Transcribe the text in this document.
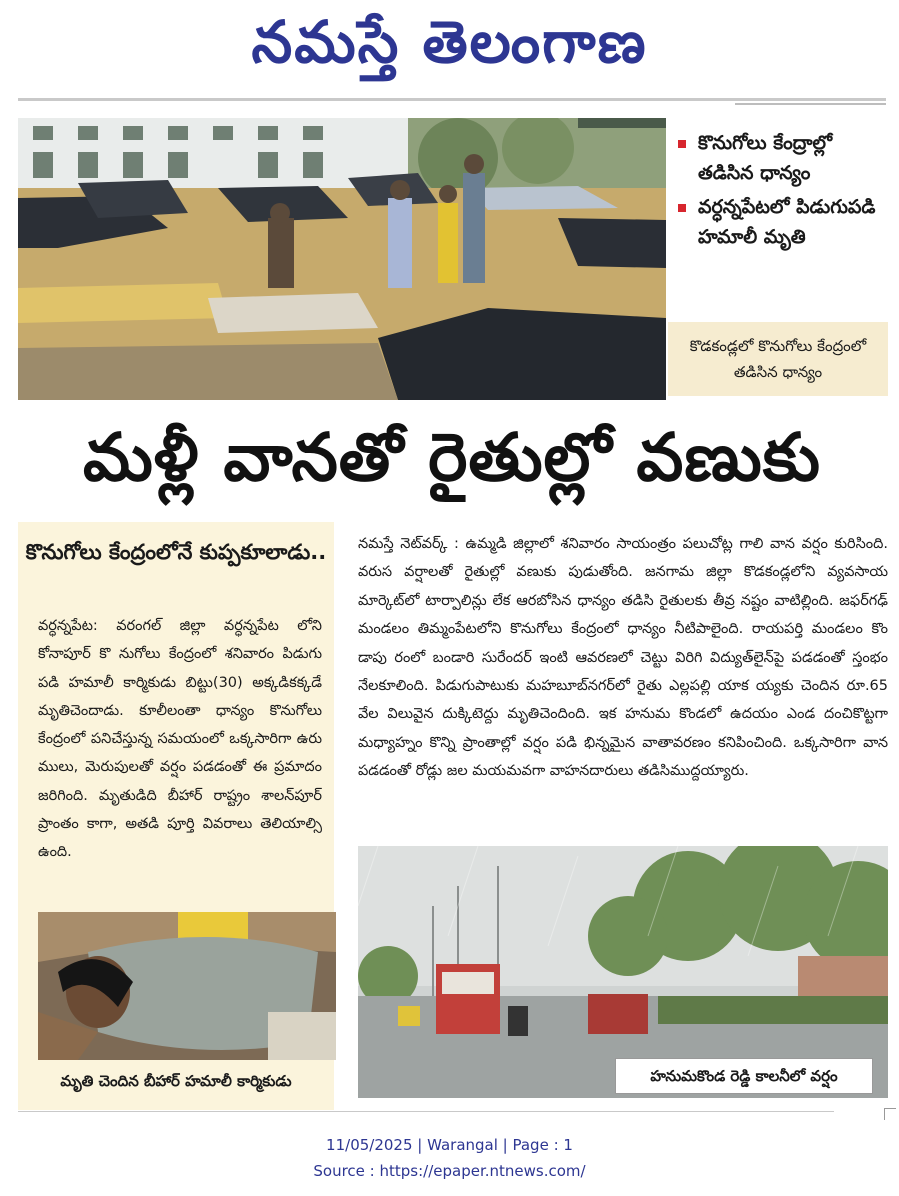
నమస్తే తెలంగాణ
కొనుగోలు కేంద్రాల్లో తడిసిన ధాన్యం
వర్ధన్నపేటలో పిడుగుపడి హమాలీ మృతి
కొడకండ్లలో కొనుగోలు కేంద్రంలో తడిసిన ధాన్యం
మళ్లీ వానతో రైతుల్లో వణుకు
కొనుగోలు కేంద్రంలోనే కుప్పకూలాడు..
వర్ధన్నపేట: వరంగల్ జిల్లా వర్ధన్నపేట లోని కోనాపూర్ కొ నుగోలు కేంద్రంలో శనివారం పిడుగు పడి హమాలీ కార్మికుడు బిట్టు(30) అక్కడికక్కడే మృతిచెందాడు. కూలీలంతా ధాన్యం కొనుగోలు కేంద్రంలో పనిచేస్తున్న సమయంలో ఒక్కసారిగా ఉరు ములు, మెరుపులతో వర్షం పడడంతో ఈ ప్రమాదం జరిగింది. మృతుడిది బీహార్ రాష్ట్రం శాలన్‌పూర్ ప్రాంతం కాగా, అతడి పూర్తి వివరాలు తెలియాల్సి ఉంది.
మృతి చెందిన బీహార్ హమాలీ కార్మికుడు
నమస్తే నెట్‌వర్క్ : ఉమ్మడి జిల్లాలో శనివారం సాయంత్రం పలుచోట్ల గాలి వాన వర్షం కురిసింది. వరుస వర్షాలతో రైతుల్లో వణుకు పుడుతోంది. జనగామ జిల్లా కొడకండ్లలోని వ్యవసాయ మార్కెట్‌లో టార్పాలిన్లు లేక ఆరబోసిన ధాన్యం తడిసి రైతులకు తీవ్ర నష్టం వాటిల్లింది. జఫర్‌గఢ్ మండలం తిమ్మంపేటలోని కొనుగోలు కేంద్రంలో ధాన్యం నీటిపాలైంది. రాయపర్తి మండలం కొం డాపు రంలో బండారి సురేందర్ ఇంటి ఆవరణలో చెట్టు విరిగి విద్యుత్‌లైన్‌పై పడడంతో స్తంభం నేలకూలింది. పిడుగుపాటుకు మహబూబ్‌నగర్‌లో రైతు ఎల్లపల్లి యాక య్యకు చెందిన రూ.65 వేల విలువైన దుక్కిటెద్దు మృతిచెందింది. ఇక హనుమ కొండలో ఉదయం ఎండ దంచికొట్టగా మధ్యాహ్నం కొన్ని ప్రాంతాల్లో వర్షం పడి భిన్నమైన వాతావరణం కనిపించింది. ఒక్కసారిగా వాన పడడంతో రోడ్లు జల మయమవగా వాహనదారులు తడిసిముద్దయ్యారు.
హనుమకొండ రెడ్డి కాలనీలో వర్షం
11/05/2025 | Warangal | Page : 1
Source : https://epaper.ntnews.com/
